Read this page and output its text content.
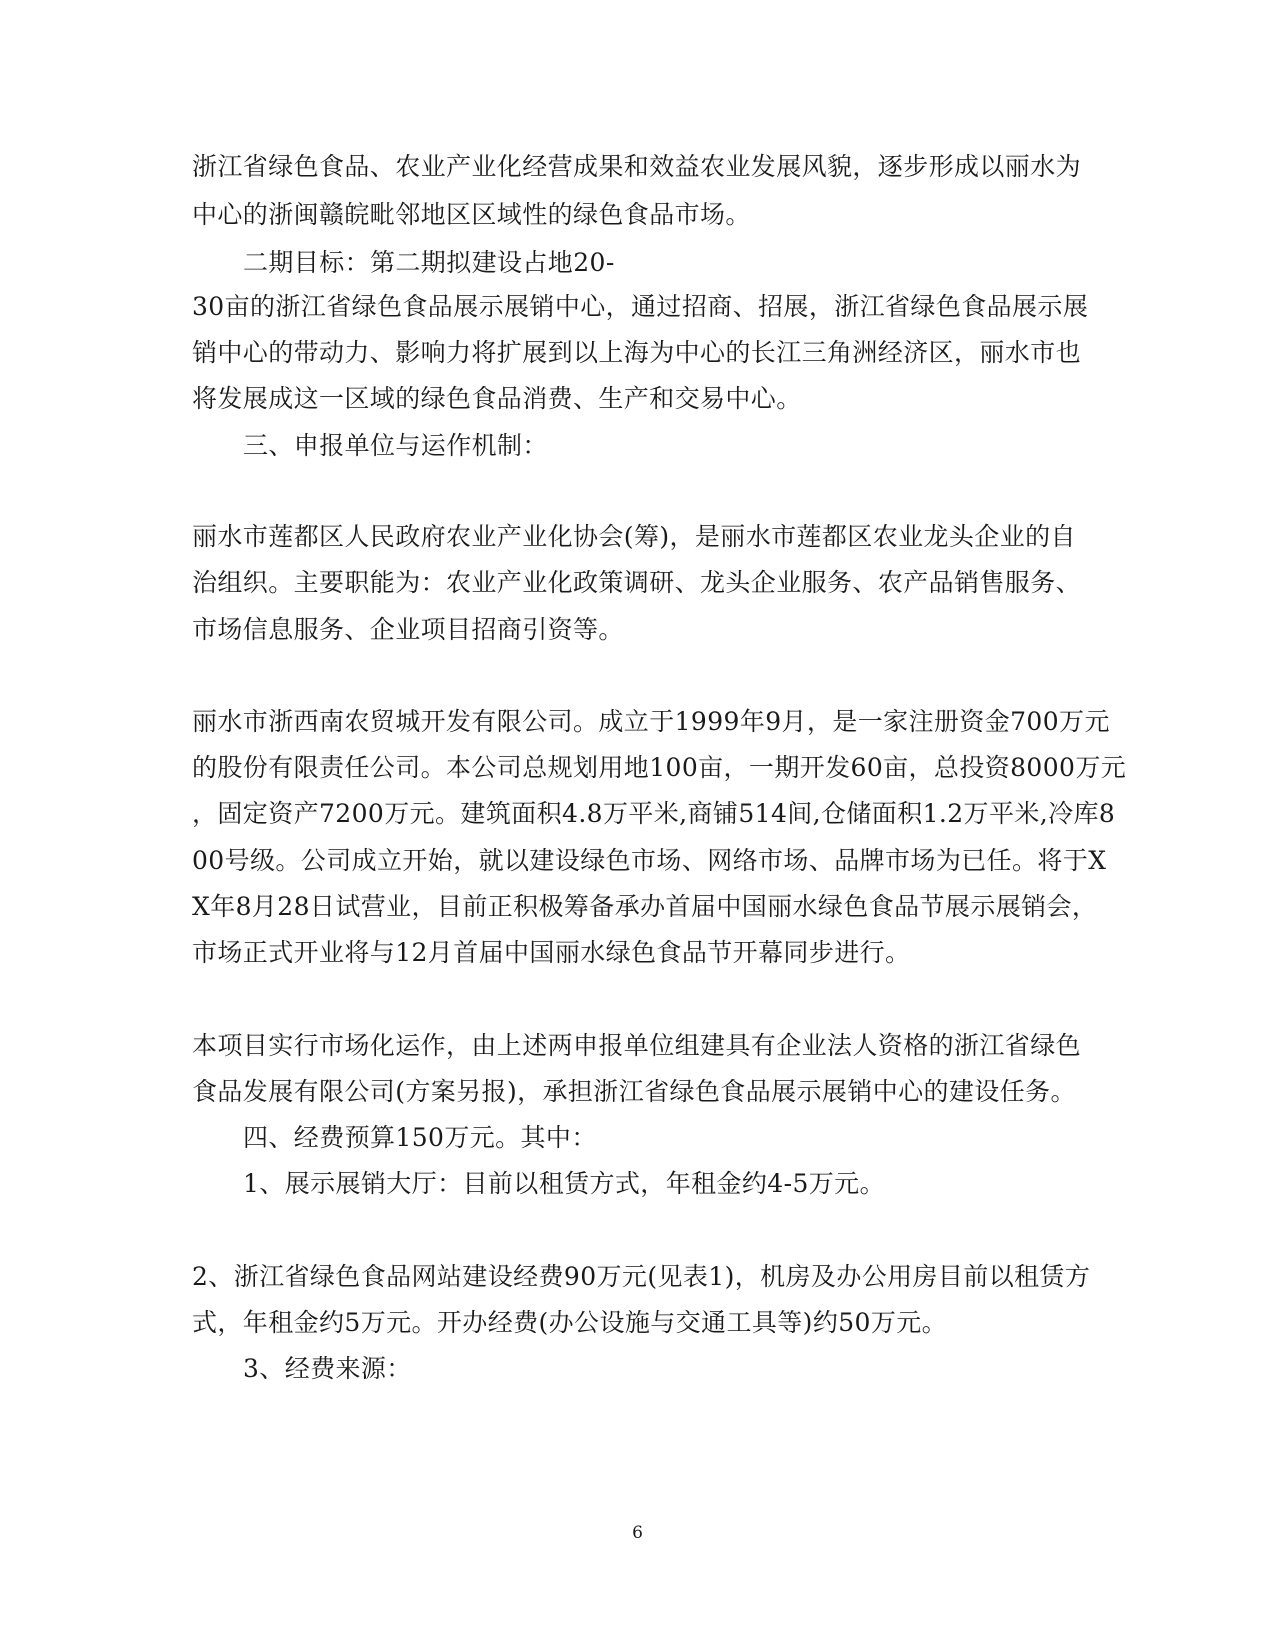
浙江省绿色食品、农业产业化经营成果和效益农业发展风貌，逐步形成以丽水为
中心的浙闽赣皖毗邻地区区域性的绿色食品市场。
二期目标：第二期拟建设占地20-
30亩的浙江省绿色食品展示展销中心，通过招商、招展，浙江省绿色食品展示展
销中心的带动力、影响力将扩展到以上海为中心的长江三角洲经济区，丽水市也
将发展成这一区域的绿色食品消费、生产和交易中心。
三、申报单位与运作机制：
丽水市莲都区人民政府农业产业化协会(筹)，是丽水市莲都区农业龙头企业的自
治组织。主要职能为：农业产业化政策调研、龙头企业服务、农产品销售服务、
市场信息服务、企业项目招商引资等。
丽水市浙西南农贸城开发有限公司。成立于1999年9月，是一家注册资金700万元
的股份有限责任公司。本公司总规划用地100亩，一期开发60亩，总投资8000万元
，固定资产7200万元。建筑面积4.8万平米,商铺514间,仓储面积1.2万平米,冷库8
00号级。公司成立开始，就以建设绿色市场、网络市场、品牌市场为已任。将于X
X年8月28日试营业，目前正积极筹备承办首届中国丽水绿色食品节展示展销会，
市场正式开业将与12月首届中国丽水绿色食品节开幕同步进行。
本项目实行市场化运作，由上述两申报单位组建具有企业法人资格的浙江省绿色
食品发展有限公司(方案另报)，承担浙江省绿色食品展示展销中心的建设任务。
四、经费预算150万元。其中：
1、展示展销大厅：目前以租赁方式，年租金约4-5万元。
2、浙江省绿色食品网站建设经费90万元(见表1)，机房及办公用房目前以租赁方
式，年租金约5万元。开办经费(办公设施与交通工具等)约50万元。
3、经费来源：
6
